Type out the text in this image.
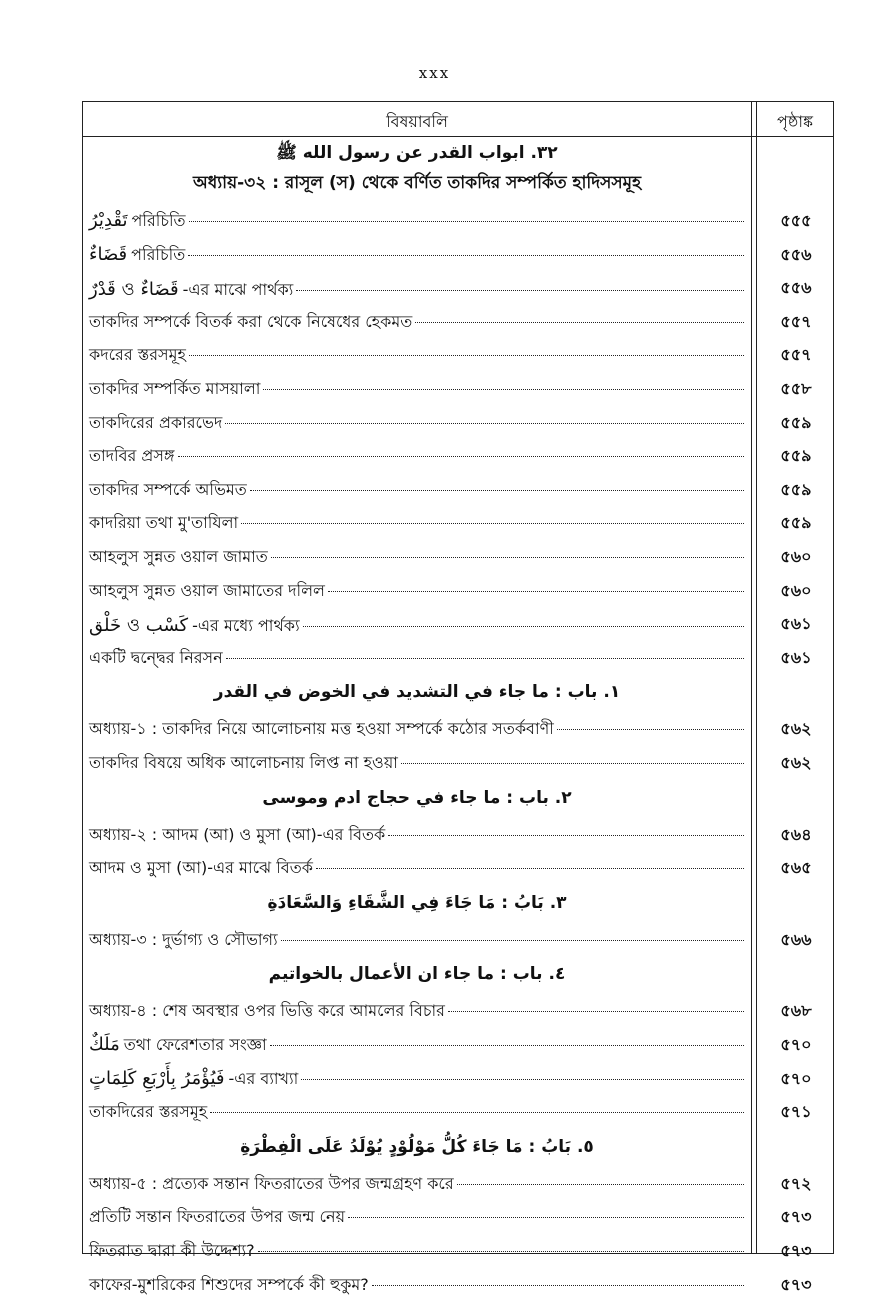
xxx
বিষয়াবলি	পৃষ্ঠাঙ্ক
٣٢. ابواب القدر عن رسول الله ﷺ
অধ্যায়-৩২ : রাসূল (স) থেকে বর্ণিত তাকদির সম্পর্কিত হাদিসসমূহ
تَقْدِيْرُ পরিচিতি	৫৫৫
قَضَاءٌ পরিচিতি	৫৫৬
قَضَاءٌ ও قَدْرٌ -এর মাঝে পার্থক্য	৫৫৬
তাকদির সম্পর্কে বিতর্ক করা থেকে নিষেধের হেকমত	৫৫৭
কদরের স্তরসমূহ	৫৫৭
তাকদির সম্পর্কিত মাসয়ালা	৫৫৮
তাকদিরের প্রকারভেদ	৫৫৯
তাদবির প্রসঙ্গ	৫৫৯
তাকদির সম্পর্কে অভিমত	৫৫৯
কাদরিয়া তথা মু'তাযিলা	৫৫৯
আহলুস সুন্নত ওয়াল জামাত	৫৬০
আহলুস সুন্নত ওয়াল জামাতের দলিল	৫৬০
كَسْب ও خَلْق -এর মধ্যে পার্থক্য	৫৬১
একটি দ্বন্দ্বের নিরসন	৫৬১
١. باب : ما جاء في التشديد في الخوض في القدر
অধ্যায়-১ : তাকদির নিয়ে আলোচনায় মত্ত হওয়া সম্পর্কে কঠোর সতর্কবাণী	৫৬২
তাকদির বিষয়ে অধিক আলোচনায় লিপ্ত না হওয়া	৫৬২
٢. باب : ما جاء في حجاج ادم وموسى
অধ্যায়-২ : আদম (আ) ও মুসা (আ)-এর বিতর্ক	৫৬৪
আদম ও মুসা (আ)-এর মাঝে বিতর্ক	৫৬৫
٣. بَابُ : مَا جَاءَ فِي الشَّقَاءِ وَالسَّعَادَةِ
অধ্যায়-৩ : দুর্ভাগ্য ও সৌভাগ্য	৫৬৬
٤. باب : ما جاء ان الأعمال بالخواتيم
অধ্যায়-৪ : শেষ অবস্থার ওপর ভিত্তি করে আমলের বিচার	৫৬৮
مَلَكٌ তথা ফেরেশতার সংজ্ঞা	৫৭০
فَيُؤْمَرُ بِأَرْبَعِ كَلِمَاتٍ -এর ব্যাখ্যা	৫৭০
তাকদিরের স্তরসমূহ	৫৭১
٥. بَابُ : مَا جَاءَ كُلُّ مَوْلُوْدٍ يُوْلَدُ عَلَى الْفِطْرَةِ
অধ্যায়-৫ : প্রত্যেক সন্তান ফিতরাতের উপর জন্মগ্রহণ করে	৫৭২
প্রতিটি সন্তান ফিতরাতের উপর জন্ম নেয়	৫৭৩
ফিতরাত দ্বারা কী উদ্দেশ্য?	৫৭৩
কাফের-মুশরিকের শিশুদের সম্পর্কে কী হুকুম?	৫৭৩
